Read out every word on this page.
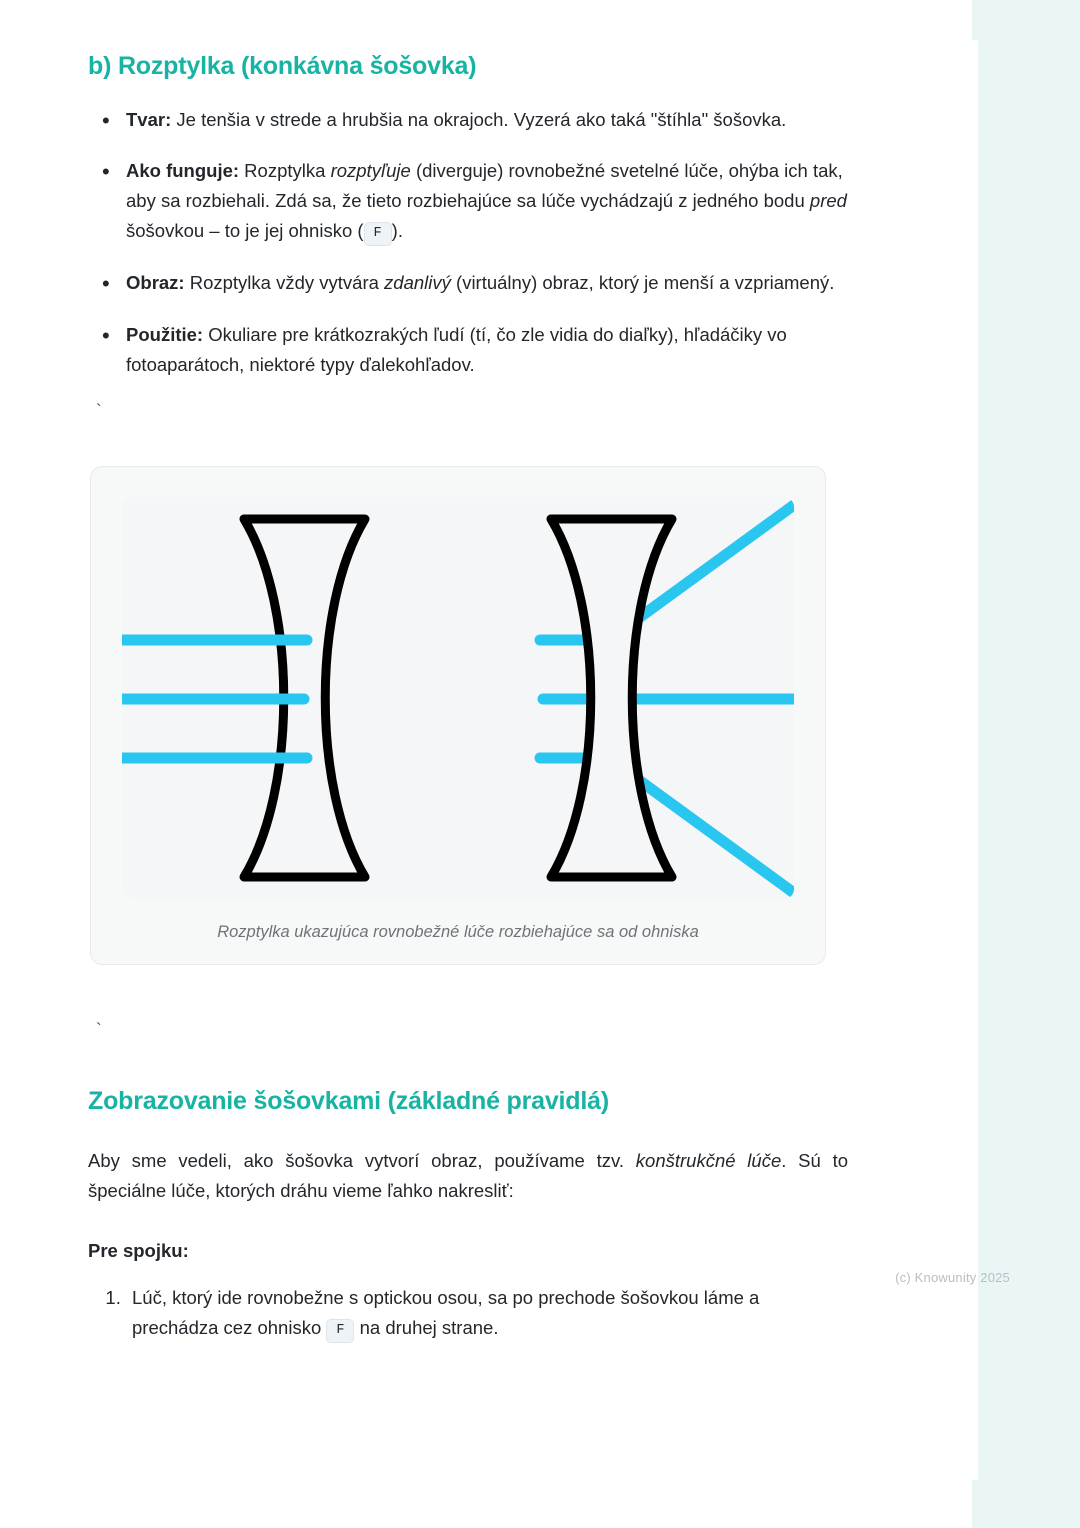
b) Rozptylka (konkávna šošovka)
• Tvar: Je tenšia v strede a hrubšia na okrajoch. Vyzerá ako taká "štíhla" šošovka.
• Ako funguje: Rozptylka rozptyľuje (diverguje) rovnobežné svetelné lúče, ohýba ich tak, aby sa rozbiehali. Zdá sa, že tieto rozbiehajúce sa lúče vychádzajú z jedného bodu pred šošovkou – to je jej ohnisko ( F ).
• Obraz: Rozptylka vždy vytvára zdanlivý (virtuálny) obraz, ktorý je menší a vzpriamený.
• Použitie: Okuliare pre krátkozrakých ľudí (tí, čo zle vidia do diaľky), hľadáčiky vo fotoaparátoch, niektoré typy ďalekohľadov.
`
Rozptylka ukazujúca rovnobežné lúče rozbiehajúce sa od ohniska
`
Zobrazovanie šošovkami (základné pravidlá)

Aby sme vedeli, ako šošovka vytvorí obraz, používame tzv. konštrukčné lúče. Sú to špeciálne lúče, ktorých dráhu vieme ľahko nakresliť:

Pre spojku:

1. Lúč, ktorý ide rovnobežne s optickou osou, sa po prechode šošovkou láme a prechádza cez ohnisko F na druhej strane.
(c) Knowunity 2025
